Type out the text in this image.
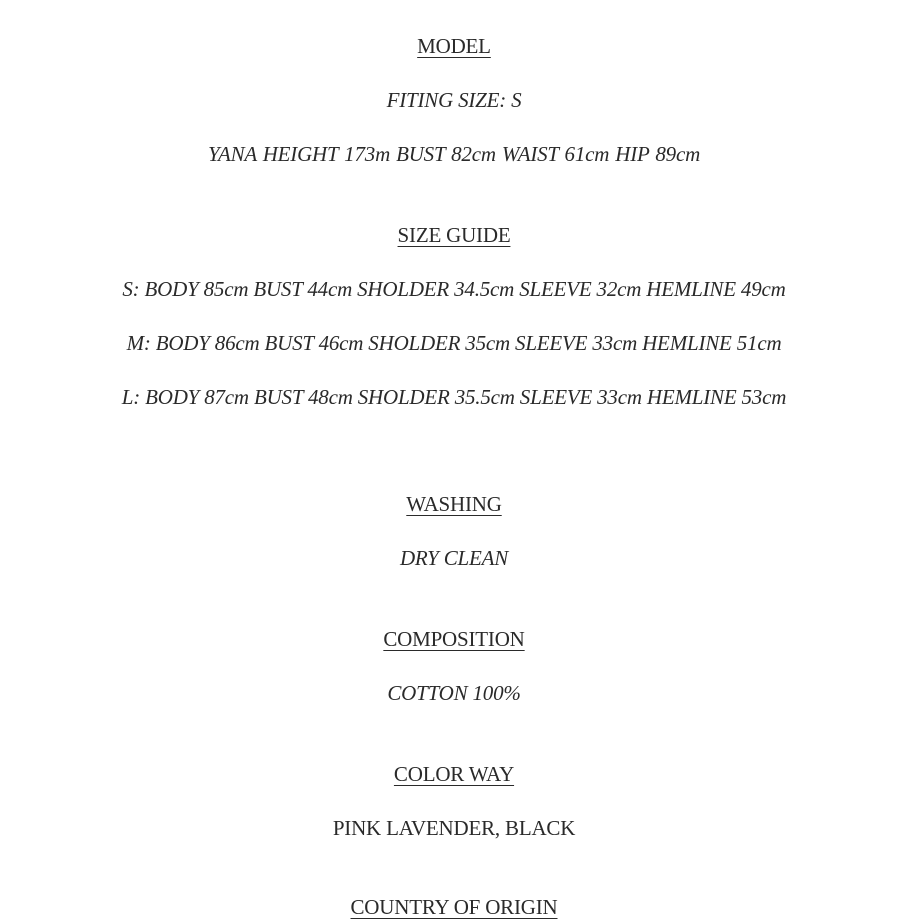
MODEL
FITING SIZE: S
YANA HEIGHT 173m BUST 82cm WAIST 61cm HIP 89cm
SIZE GUIDE
S: BODY 85cm BUST 44cm SHOLDER 34.5cm SLEEVE 32cm HEMLINE 49cm
M: BODY 86cm BUST 46cm SHOLDER 35cm SLEEVE 33cm HEMLINE 51cm
L: BODY 87cm BUST 48cm SHOLDER 35.5cm SLEEVE 33cm HEMLINE 53cm
WASHING
DRY CLEAN
COMPOSITION
COTTON 100%
COLOR WAY
PINK LAVENDER, BLACK
COUNTRY OF ORIGIN
